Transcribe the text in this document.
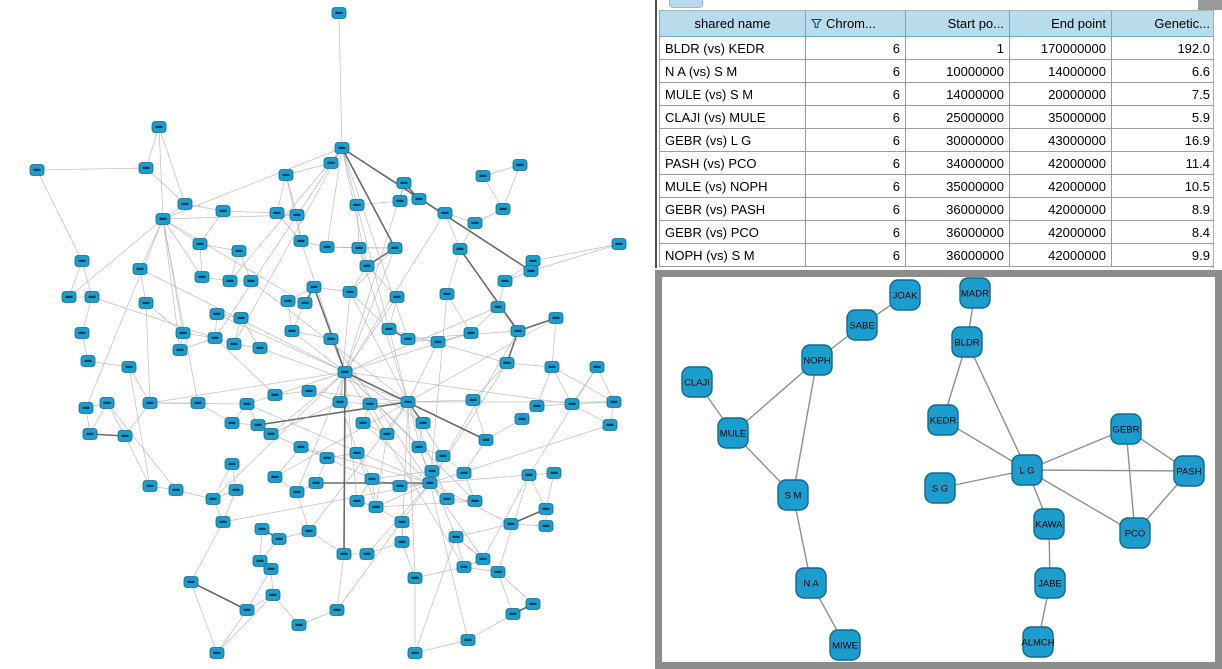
shared name	Chrom...	Start po...	End point	Genetic...
BLDR (vs) KEDR	6	1	170000000	192.0
N A (vs) S M	6	10000000	14000000	6.6
MULE (vs) S M	6	14000000	20000000	7.5
CLAJI (vs) MULE	6	25000000	35000000	5.9
GEBR (vs) L G	6	30000000	43000000	16.9
PASH (vs) PCO	6	34000000	42000000	11.4
MULE (vs) NOPH	6	35000000	42000000	10.5
GEBR (vs) PASH	6	36000000	42000000	8.9
GEBR (vs) PCO	6	36000000	42000000	8.4
NOPH (vs) S M	6	36000000	42000000	9.9
JOAK	MADR
SABE
BLDR
NOPH
CLAJI
MULE
KEDR
GEBR
L G
S G
PASH
S M
KAWA
PCO
N A	JABE
MIWE	ALMCH
